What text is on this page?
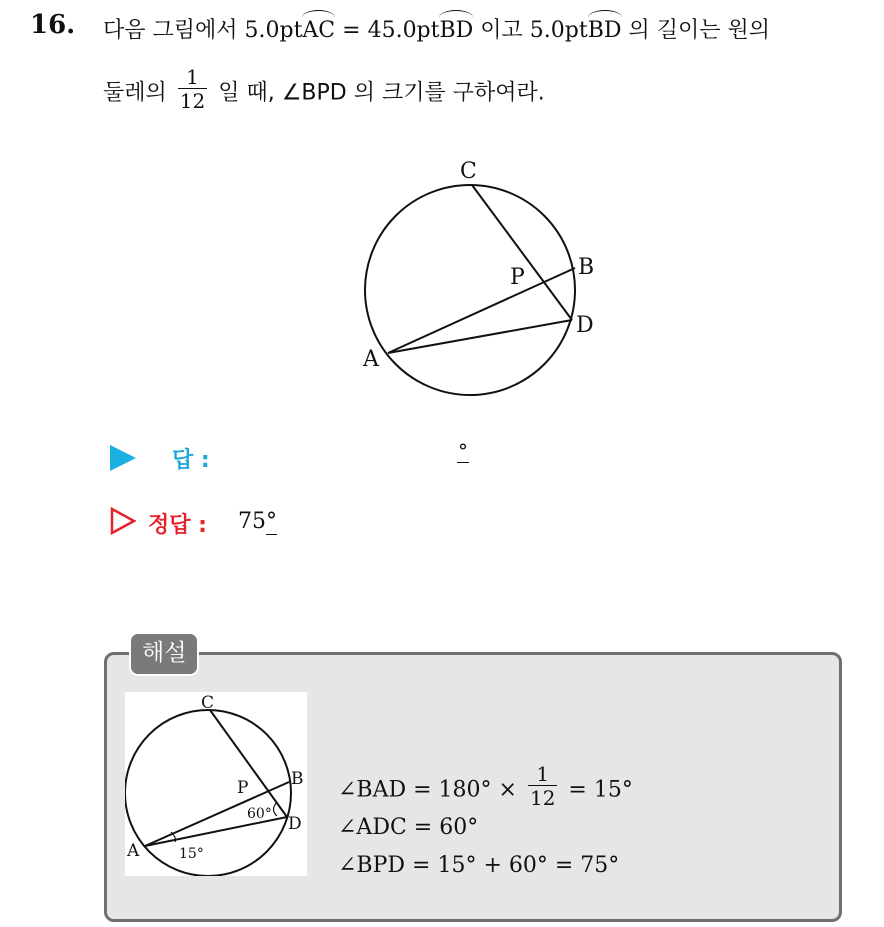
16. 다음 그림에서 5.0ptAC = 45.0ptBD 이고 5.0ptBD 의 길이는 원의
둘레의 $\frac{1}{12}$ 일 때, ∠BPD 의 크기를 구하여라.
C
B
P
D
A
답 :	°
정답 : 75°
해설
C
B
P
D
A
60°
15°
∠BAD = $180^\circ \times \frac{1}{12} = 15^\circ$
∠ADC = 60°
∠BPD = 15° + 60° = 75°
